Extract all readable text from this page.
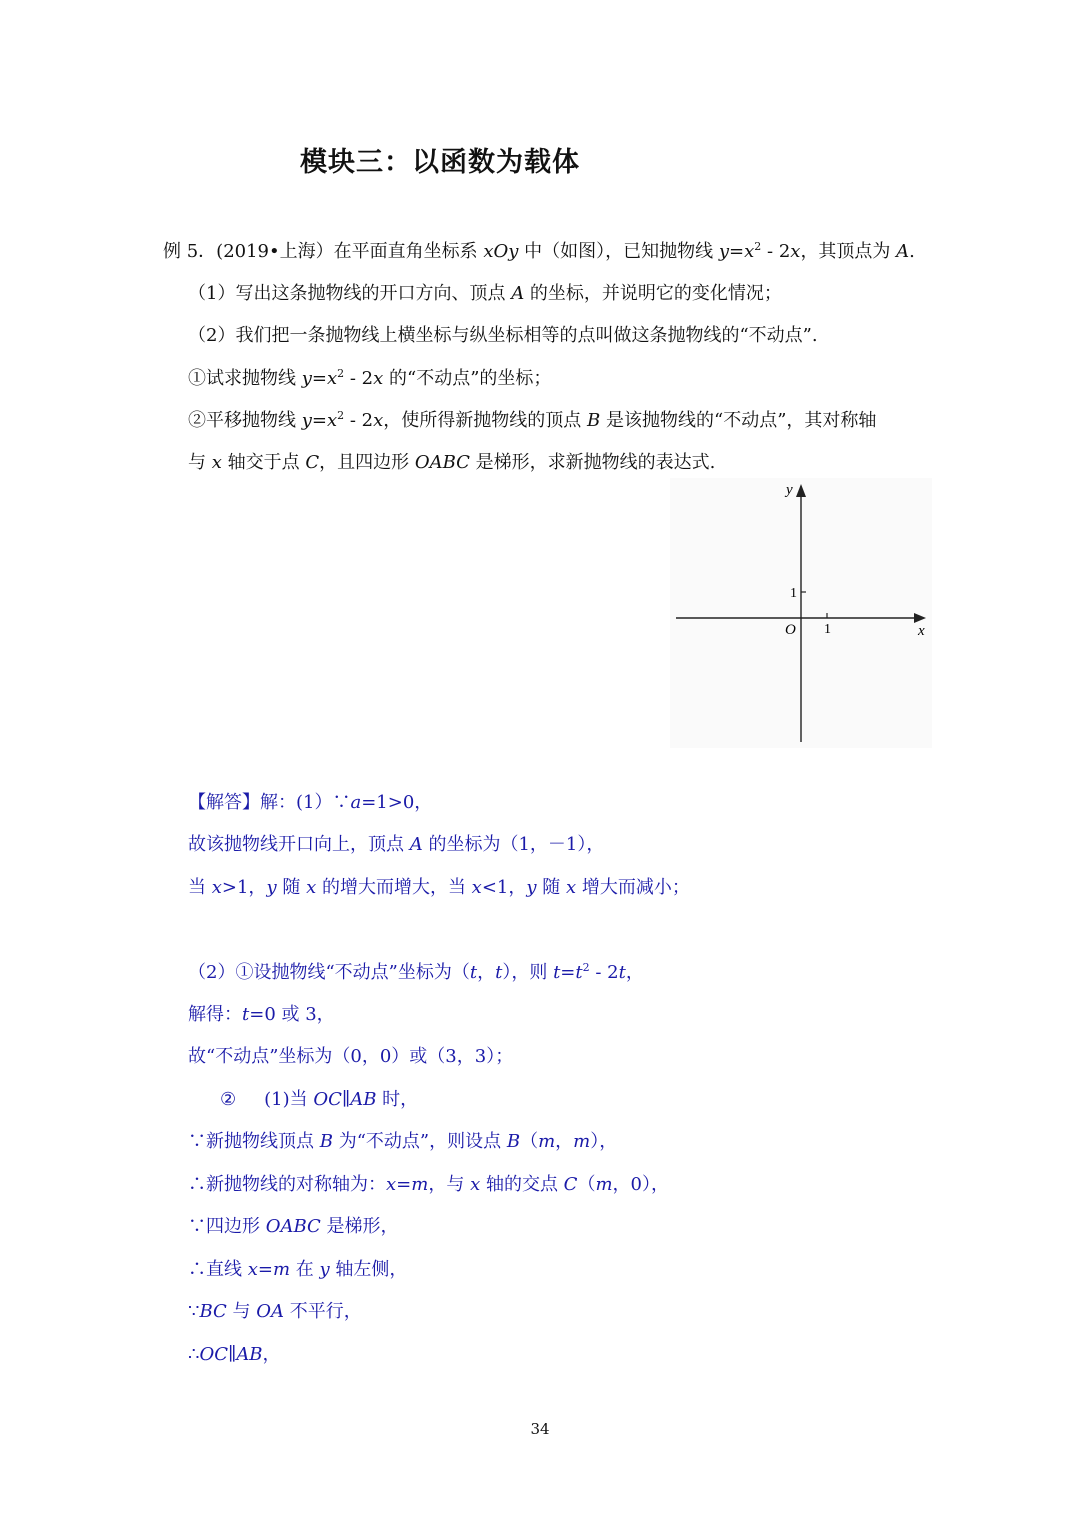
模块三：以函数为载体
例 5．(2019•上海）在平面直角坐标系 xOy 中（如图），已知抛物线 $y=x^2 - 2x$，其顶点为 A.
（1）写出这条抛物线的开口方向、顶点 A 的坐标，并说明它的变化情况；
（2）我们把一条抛物线上横坐标与纵坐标相等的点叫做这条抛物线的“不动点”.
①试求抛物线 $y=x^2 - 2x$ 的“不动点”的坐标；
②平移抛物线 $y=x^2 - 2x$，使所得新抛物线的顶点 B 是该抛物线的“不动点”，其对称轴
与 x 轴交于点 C，且四边形 OABC 是梯形，求新抛物线的表达式.
y
x
O 1
1
【解答】解：(1）∵a=1>0，
故该抛物线开口向上，顶点 A 的坐标为（1，－1），
当 x>1，y 随 x 的增大而增大，当 x<1，y 随 x 增大而减小；
（2）①设抛物线“不动点”坐标为（t，t），则 $t=t^2 - 2t$，
解得：t=0 或 3，
故“不动点”坐标为（0，0）或（3，3）；
② (1)当 OC∥AB 时，
∵新抛物线顶点 B 为“不动点”，则设点 B（m，m），
∴新抛物线的对称轴为：x=m，与 x 轴的交点 C（m，0），
∵四边形 OABC 是梯形，
∴直线 x=m 在 y 轴左侧，
∵BC 与 OA 不平行，
∴OC∥AB，
34
